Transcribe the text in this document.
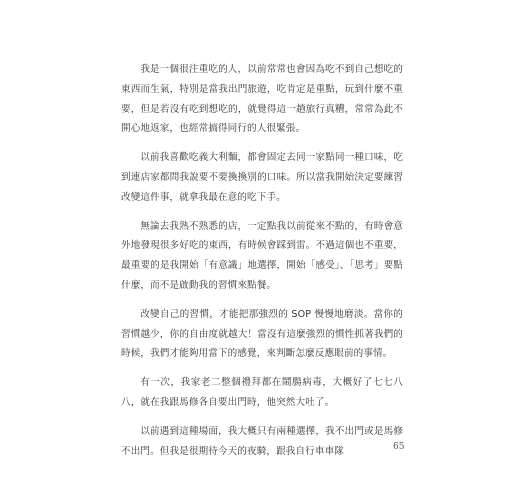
我是一個很注重吃的人，以前常常也會因為吃不到自己想吃的東西而生氣，特別是當我出門旅遊，吃肯定是重點，玩到什麼不重要，但是若沒有吃到想吃的，就覺得這一趟旅行真糟，常常為此不開心地返家，也經常搞得同行的人很緊張。

以前我喜歡吃義大利麵，都會固定去同一家點同一種口味，吃到連店家都問我說要不要換換別的口味。所以當我開始決定要練習改變這件事，就拿我最在意的吃下手。

無論去我熟不熟悉的店，一定點我以前從來不點的，有時會意外地發現很多好吃的東西，有時候會踩到雷。不過這個也不重要，最重要的是我開始「有意識」地選擇，開始「感受」、「思考」要點什麼，而不是啟動我的習慣來點餐。

改變自己的習慣，才能把那強烈的 SOP 慢慢地磨淡。當你的習慣越少，你的自由度就越大！當沒有這麼強烈的慣性抓著我們的時候，我們才能夠用當下的感覺，來判斷怎麼反應眼前的事情。

有一次，我家老二整個禮拜都在鬧腸病毒，大概好了七七八八，就在我跟馬修各自要出門時，他突然大吐了。

以前遇到這種場面，我大概只有兩種選擇，我不出門或是馬修不出門。但我是很期待今天的夜騎，跟我自行車車隊	65
